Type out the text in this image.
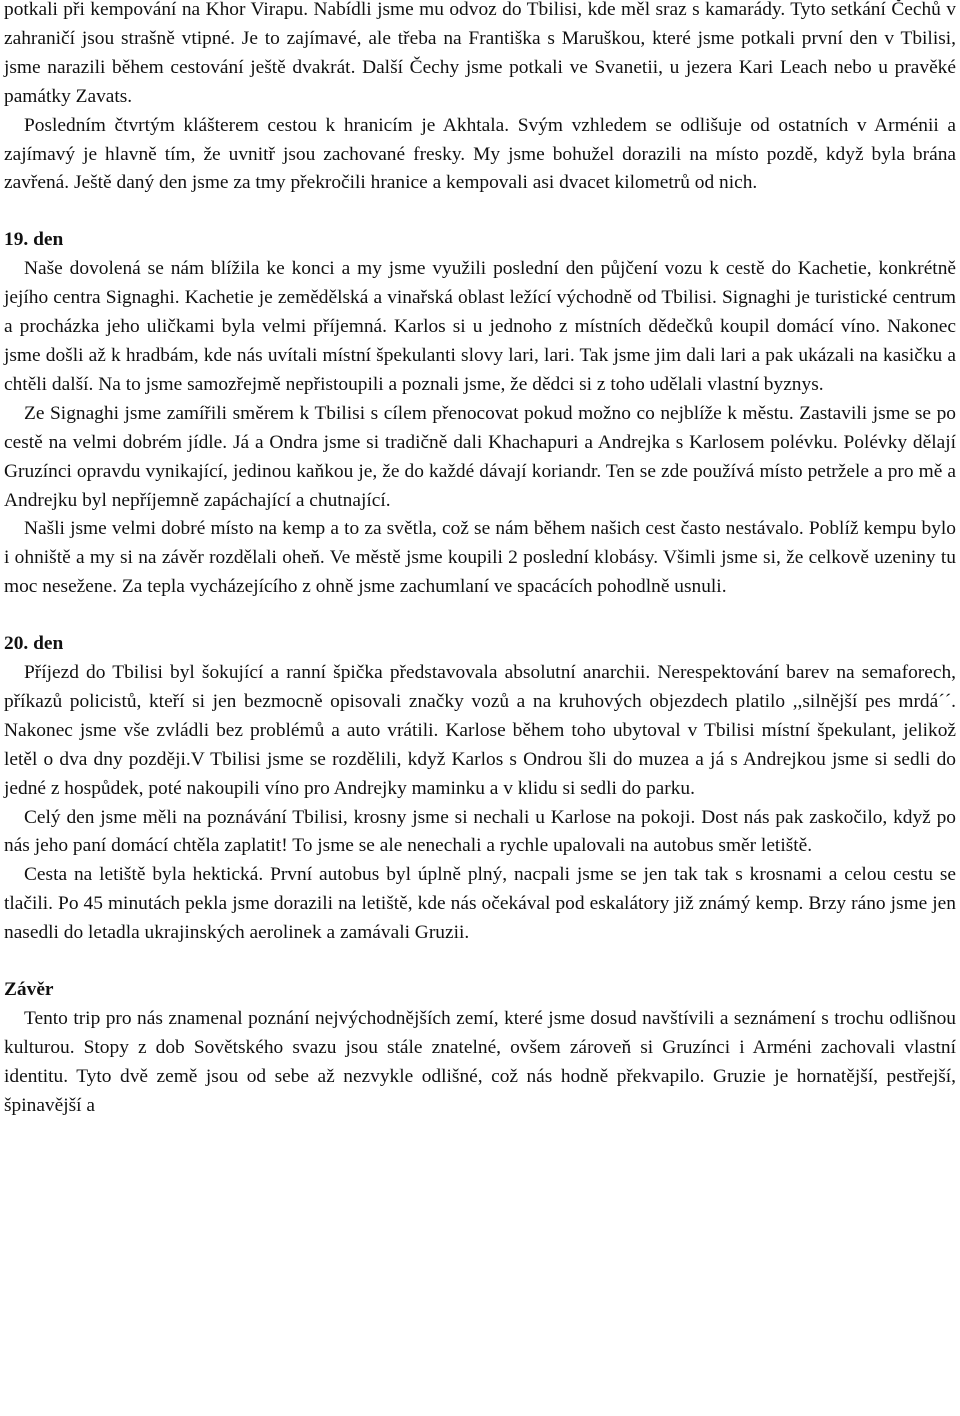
potkali při kempování na Khor Virapu. Nabídli jsme mu odvoz do Tbilisi, kde měl sraz s kamarády. Tyto setkání Čechů v zahraničí jsou strašně vtipné. Je to zajímavé, ale třeba na Františka s Maruškou, které jsme potkali první den v Tbilisi, jsme narazili během cestování ještě dvakrát. Další Čechy jsme potkali ve Svanetii, u jezera Kari Leach nebo u pravěké památky Zavats.

Posledním čtvrtým klášterem cestou k hranicím je Akhtala. Svým vzhledem se odlišuje od ostatních v Arménii a zajímavý je hlavně tím, že uvnitř jsou zachované fresky. My jsme bohužel dorazili na místo pozdě, když byla brána zavřená. Ještě daný den jsme za tmy překročili hranice a kempovali asi dvacet kilometrů od nich.

19. den

Naše dovolená se nám blížila ke konci a my jsme využili poslední den půjčení vozu k cestě do Kachetie, konkrétně jejího centra Signaghi. Kachetie je zemědělská a vinařská oblast ležící východně od Tbilisi. Signaghi je turistické centrum a procházka jeho uličkami byla velmi příjemná. Karlos si u jednoho z místních dědečků koupil domácí víno. Nakonec jsme došli až k hradbám, kde nás uvítali místní špekulanti slovy lari, lari. Tak jsme jim dali lari a pak ukázali na kasičku a chtěli další. Na to jsme samozřejmě nepřistoupili a poznali jsme, že dědci si z toho udělali vlastní byznys.

Ze Signaghi jsme zamířili směrem k Tbilisi s cílem přenocovat pokud možno co nejblíže k městu. Zastavili jsme se po cestě na velmi dobrém jídle. Já a Ondra jsme si tradičně dali Khachapuri a Andrejka s Karlosem polévku. Polévky dělají Gruzínci opravdu vynikající, jedinou kaňkou je, že do každé dávají koriandr. Ten se zde používá místo petržele a pro mě a Andrejku byl nepříjemně zapáchající a chutnající.

Našli jsme velmi dobré místo na kemp a to za světla, což se nám během našich cest často nestávalo. Poblíž kempu bylo i ohniště a my si na závěr rozdělali oheň. Ve městě jsme koupili 2 poslední klobásy. Všimli jsme si, že celkově uzeniny tu moc nesežene. Za tepla vycházejícího z ohně jsme zachumlaní ve spacácích pohodlně usnuli.

20. den

Příjezd do Tbilisi byl šokující a ranní špička představovala absolutní anarchii. Nerespektování barev na semaforech, příkazů policistů, kteří si jen bezmocně opisovali značky vozů a na kruhových objezdech platilo ,,silnější pes mrdá´´. Nakonec jsme vše zvládli bez problémů a auto vrátili. Karlose během toho ubytoval v Tbilisi místní špekulant, jelikož letěl o dva dny později.V Tbilisi jsme se rozdělili, když Karlos s Ondrou šli do muzea a já s Andrejkou jsme si sedli do jedné z hospůdek, poté nakoupili víno pro Andrejky maminku a v klidu si sedli do parku.

Celý den jsme měli na poznávání Tbilisi, krosny jsme si nechali u Karlose na pokoji. Dost nás pak zaskočilo, když po nás jeho paní domácí chtěla zaplatit! To jsme se ale nenechali a rychle upalovali na autobus směr letiště.

Cesta na letiště byla hektická. První autobus byl úplně plný, nacpali jsme se jen tak tak s krosnami a celou cestu se tlačili. Po 45 minutách pekla jsme dorazili na letiště, kde nás očekával pod eskalátory již známý kemp. Brzy ráno jsme jen nasedli do letadla ukrajinských aerolinek a zamávali Gruzii.

Závěr

Tento trip pro nás znamenal poznání nejvýchodnějších zemí, které jsme dosud navštívili a seznámení s trochu odlišnou kulturou. Stopy z dob Sovětského svazu jsou stále znatelné, ovšem zároveň si Gruzínci i Arméni zachovali vlastní identitu. Tyto dvě země jsou od sebe až nezvykle odlišné, což nás hodně překvapilo. Gruzie je hornatější, pestřejší, špinavější a
